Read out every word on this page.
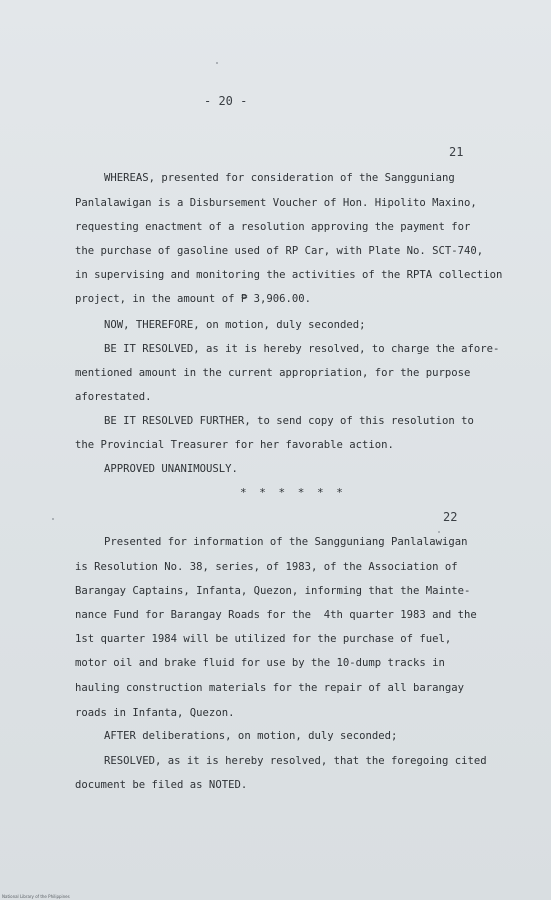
- 20 -
21
WHEREAS, presented for consideration of the Sangguniang
Panlalawigan is a Disbursement Voucher of Hon. Hipolito Maxino,
requesting enactment of a resolution approving the payment for
the purchase of gasoline used of RP Car, with Plate No. SCT-740,
in supervising and monitoring the activities of the RPTA collection
project, in the amount of ₱ 3,906.00.
NOW, THEREFORE, on motion, duly seconded;
BE IT RESOLVED, as it is hereby resolved, to charge the afore-
mentioned amount in the current appropriation, for the purpose
aforestated.
BE IT RESOLVED FURTHER, to send copy of this resolution to
the Provincial Treasurer for her favorable action.
APPROVED UNANIMOUSLY.
* * * * * *
22
Presented for information of the Sangguniang Panlalawigan
is Resolution No. 38, series, of 1983, of the Association of
Barangay Captains, Infanta, Quezon, informing that the Mainte-
nance Fund for Barangay Roads for the  4th quarter 1983 and the
1st quarter 1984 will be utilized for the purchase of fuel,
motor oil and brake fluid for use by the 10-dump tracks in
hauling construction materials for the repair of all barangay
roads in Infanta, Quezon.
AFTER deliberations, on motion, duly seconded;
RESOLVED, as it is hereby resolved, that the foregoing cited
document be filed as NOTED.
National Library of the Philippines
